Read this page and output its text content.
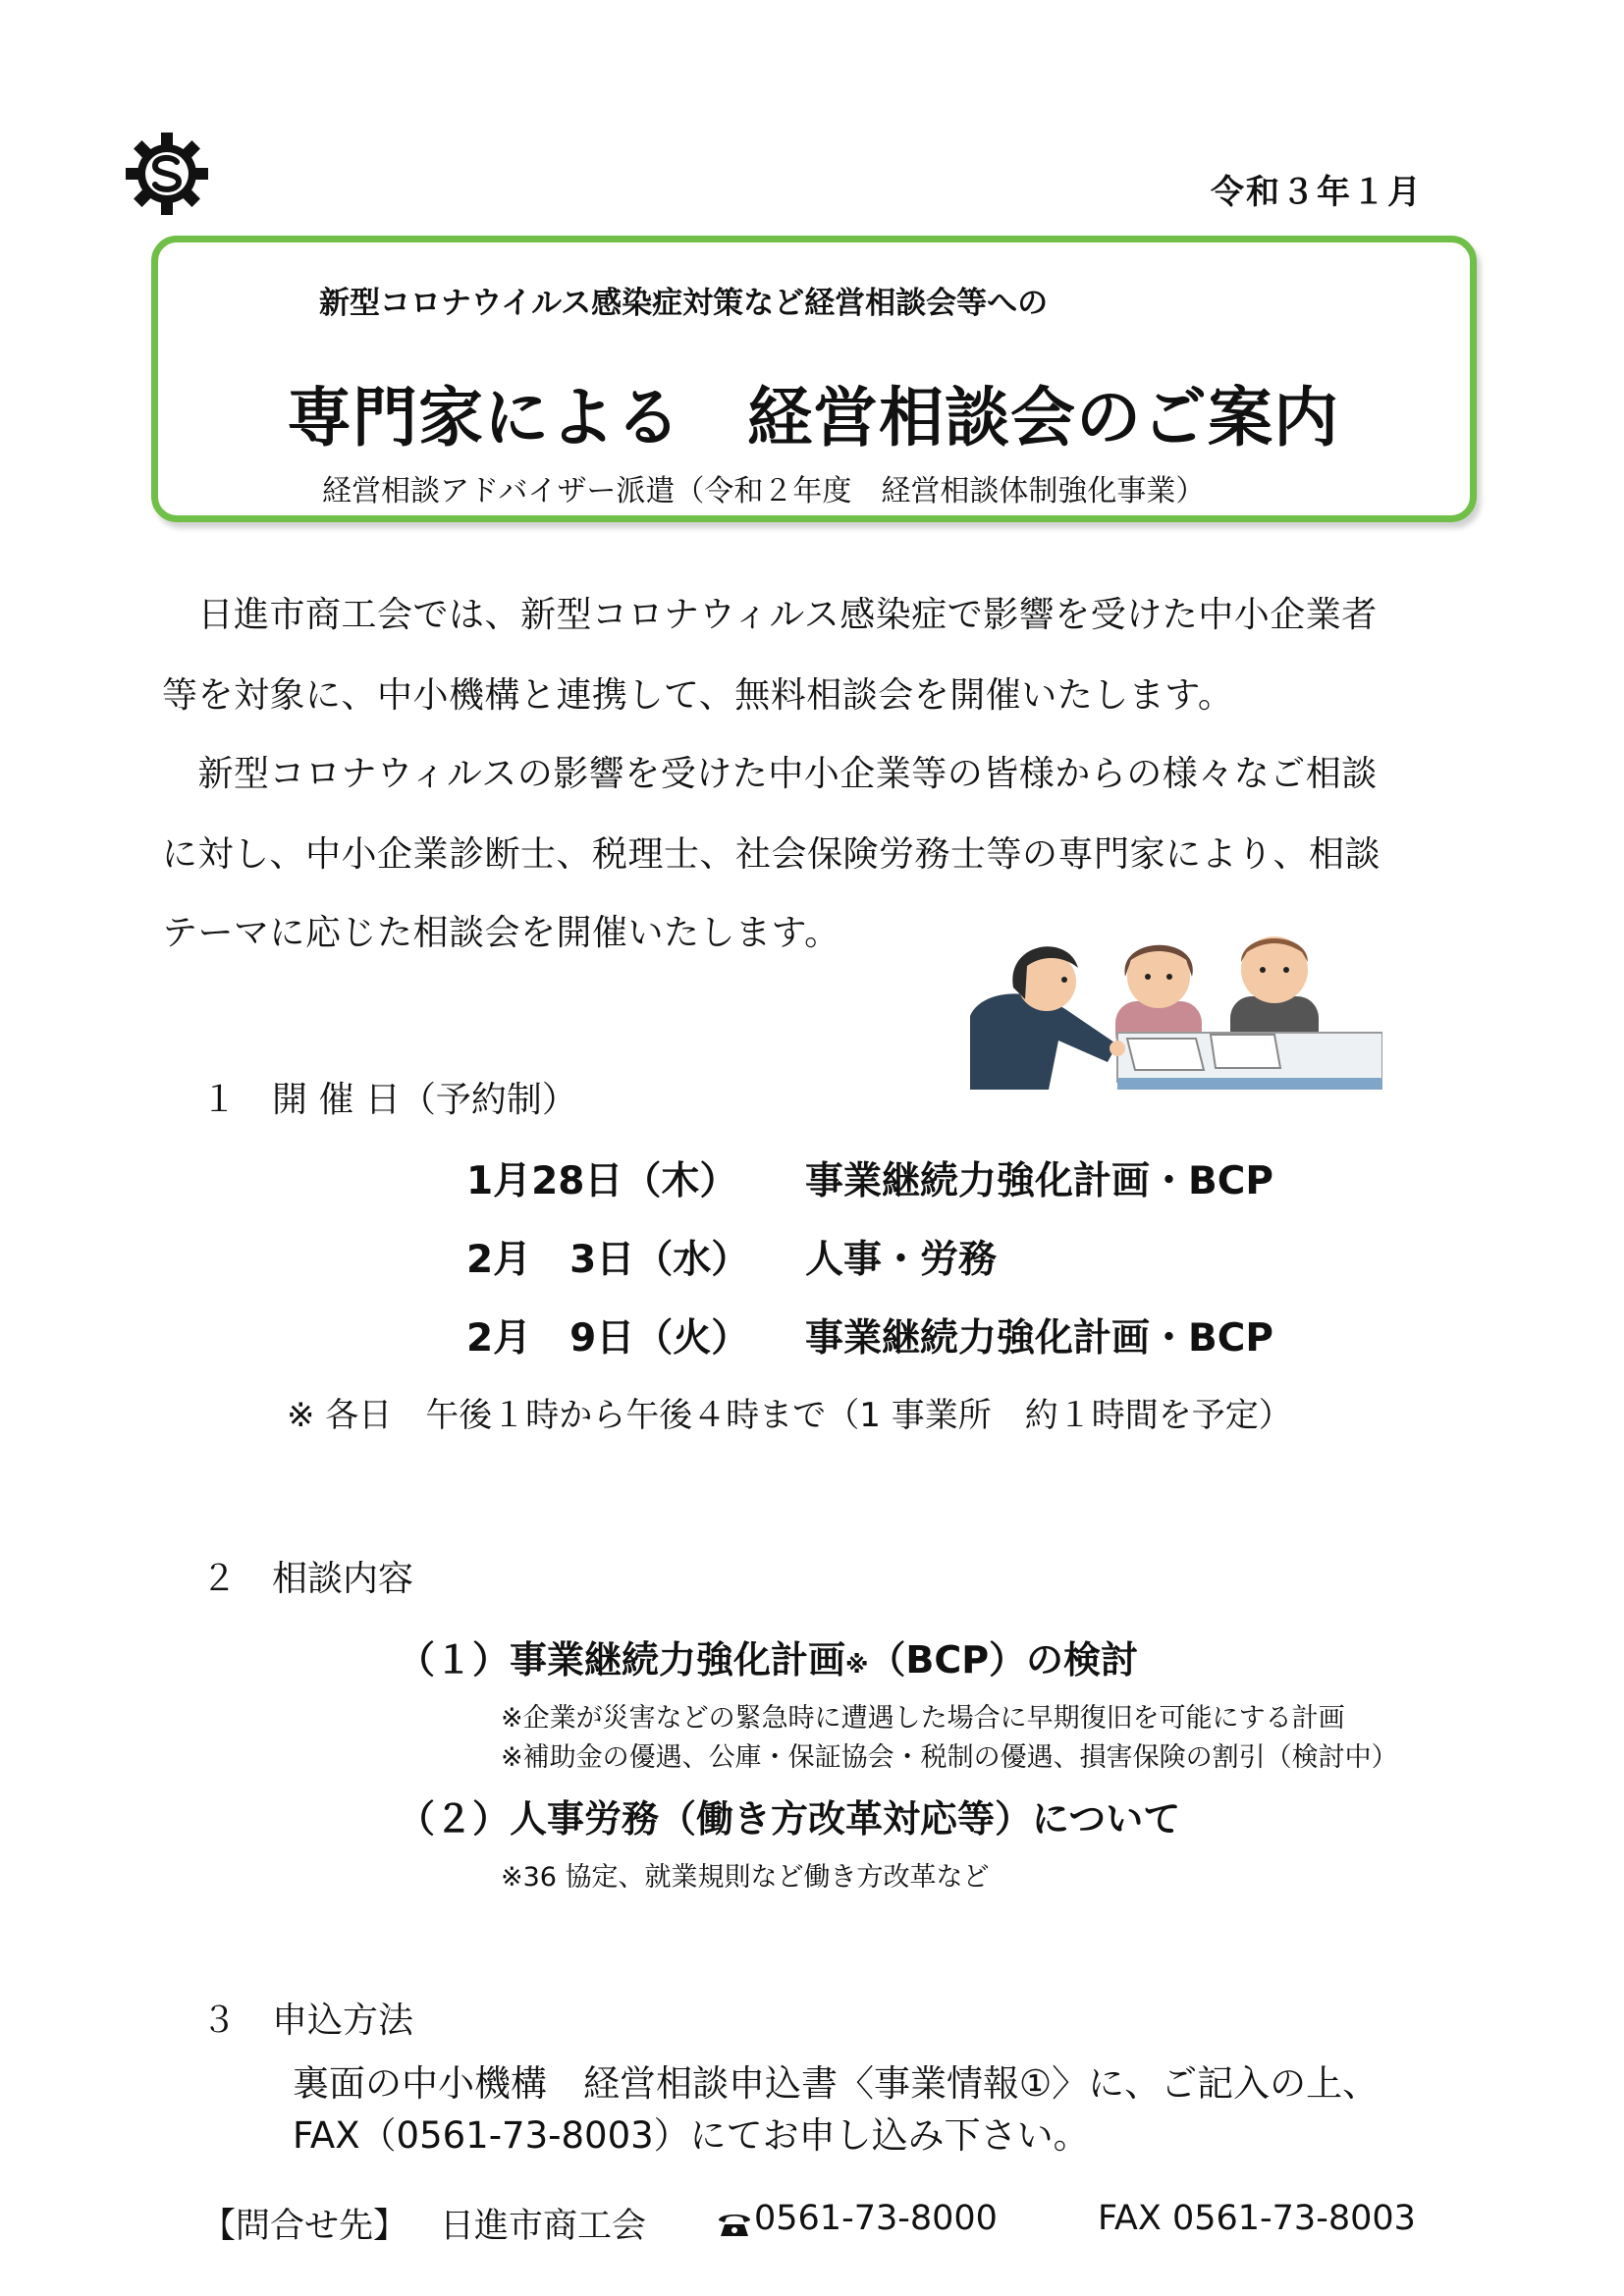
令和３年１月
新型コロナウイルス感染症対策など経営相談会等への
専門家による　経営相談会のご案内
経営相談アドバイザー派遣（令和２年度　経営相談体制強化事業）
　日進市商工会では、新型コロナウィルス感染症で影響を受けた中小企業者
等を対象に、中小機構と連携して、無料相談会を開催いたします。
　新型コロナウィルスの影響を受けた中小企業等の皆様からの様々なご相談
に対し、中小企業診断士、税理士、社会保険労務士等の専門家により、相談
テーマに応じた相談会を開催いたします。
１　開 催 日（予約制）
1月28日（木） 事業継続力強化計画・BCP
2月　3日（水） 人事・労務
2月　9日（火） 事業継続力強化計画・BCP
※ 各日　午後１時から午後４時まで（1 事業所　約１時間を予定）
２　相談内容
（１）事業継続力強化計画※（BCP）の検討
※企業が災害などの緊急時に遭遇した場合に早期復旧を可能にする計画
※補助金の優遇、公庫・保証協会・税制の優遇、損害保険の割引（検討中）
（２）人事労務（働き方改革対応等）について
※36 協定、就業規則など働き方改革など
３　申込方法
裏面の中小機構　経営相談申込書〈事業情報①〉に、ご記入の上、
FAX（0561-73-8003）にてお申し込み下さい。
【問合せ先】 日進市商工会	0561-73-8000	FAX 0561-73-8003
